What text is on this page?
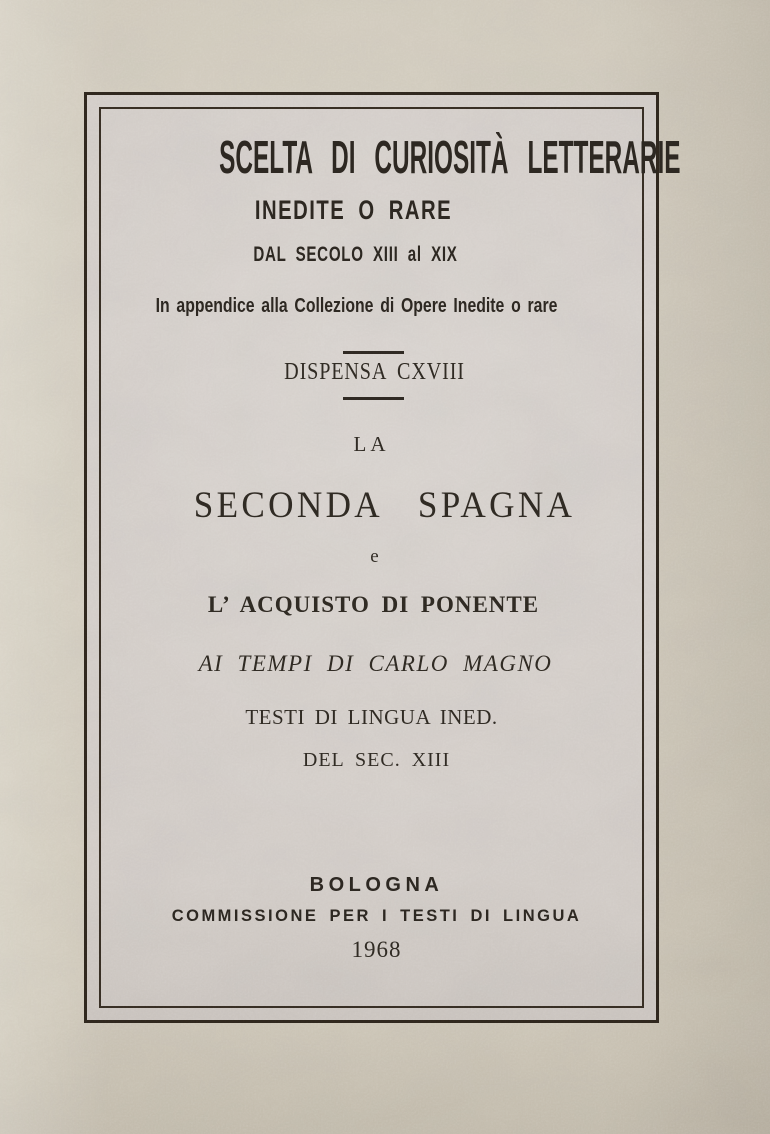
SCELTA DI CURIOSITÀ LETTERARIE
INEDITE O RARE
DAL SECOLO XIII al XIX
In appendice alla Collezione di Opere Inedite o rare
DISPENSA CXVIII
LA
SECONDA SPAGNA
e
L’ ACQUISTO DI PONENTE
AI TEMPI DI CARLO MAGNO
TESTI DI LINGUA INED.
DEL SEC. XIII
BOLOGNA
COMMISSIONE PER I TESTI DI LINGUA
1968
